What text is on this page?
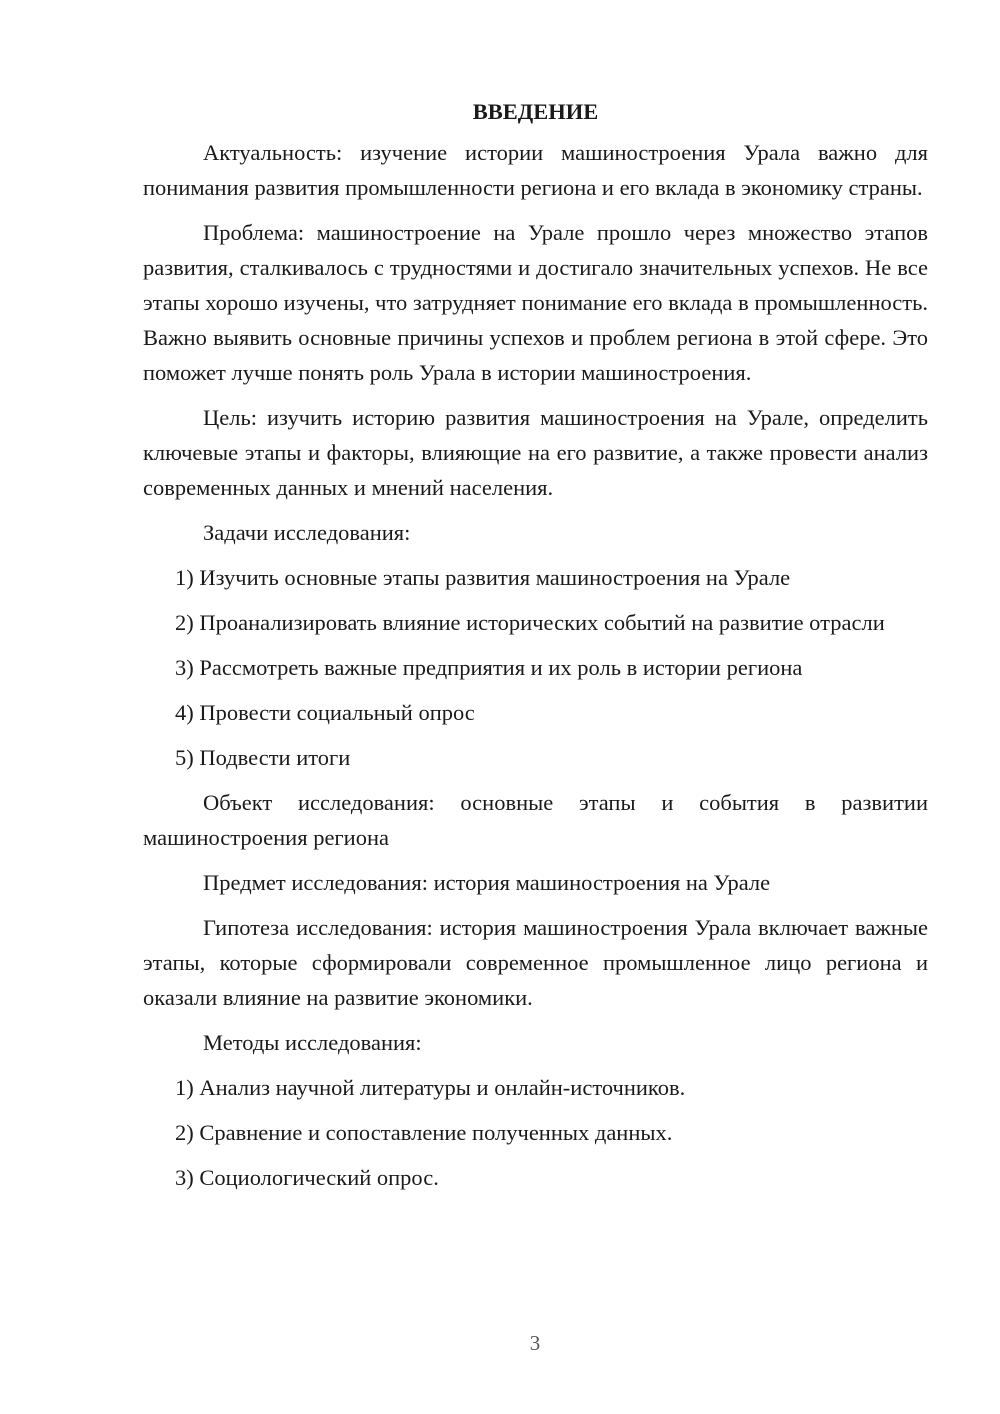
ВВЕДЕНИЕ

Актуальность: изучение истории машиностроения Урала важно для понимания развития промышленности региона и его вклада в экономику страны.

Проблема: машиностроение на Урале прошло через множество этапов развития, сталкивалось с трудностями и достигало значительных успехов. Не все этапы хорошо изучены, что затрудняет понимание его вклада в промышленность. Важно выявить основные причины успехов и проблем региона в этой сфере. Это поможет лучше понять роль Урала в истории машиностроения.

Цель: изучить историю развития машиностроения на Урале, определить ключевые этапы и факторы, влияющие на его развитие, а также провести анализ современных данных и мнений населения.

Задачи исследования:

1) Изучить основные этапы развития машиностроения на Урале

2) Проанализировать влияние исторических событий на развитие отрасли

3) Рассмотреть важные предприятия и их роль в истории региона

4) Провести социальный опрос

5) Подвести итоги

Объект исследования: основные этапы и события в развитии машиностроения региона

Предмет исследования: история машиностроения на Урале

Гипотеза исследования: история машиностроения Урала включает важные этапы, которые сформировали современное промышленное лицо региона и оказали влияние на развитие экономики.

Методы исследования:

1) Анализ научной литературы и онлайн-источников.

2) Сравнение и сопоставление полученных данных.

3) Социологический опрос.

3
